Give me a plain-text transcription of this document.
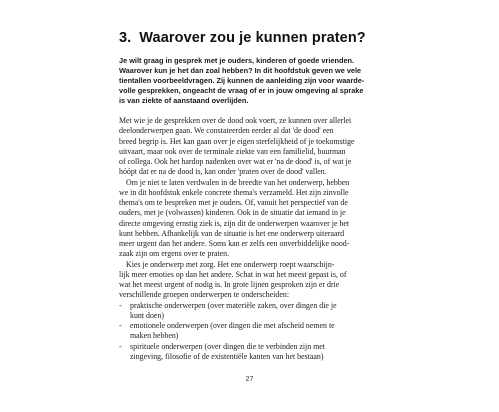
3. Waarover zou je kunnen praten?
Je wilt graag in gesprek met je ouders, kinderen of goede vrienden.
Waarover kun je het dan zoal hebben? In dit hoofdstuk geven we vele
tientallen voorbeeldvragen. Zij kunnen de aanleiding zijn voor waarde-
volle gesprekken, ongeacht de vraag of er in jouw omgeving al sprake
is van ziekte of aanstaand overlijden.
Met wie je de gesprekken over de dood ook voert, ze kunnen over allerlei
deelonderwerpen gaan. We constateerden eerder al dat 'de dood' een
breed begrip is. Het kan gaan over je eigen sterfelijkheid of je toekomstige
uitvaart, maar ook over de terminale ziekte van een familielid, buurman
of collega. Ook het hardop nadenken over wat er 'na de dood' is, of wat je
hóópt dat er na de dood is, kan onder 'praten over de dood' vallen.
Om je niet te laten verdwalen in de breedte van het onderwerp, hebben
we in dit hoofdstuk enkele concrete thema's verzameld. Het zijn zinvolle
thema's om te bespreken met je ouders. Of, vanuit het perspectief van de
ouders, met je (volwassen) kinderen. Ook in de situatie dat iemand in je
directe omgeving ernstig ziek is, zijn dit de onderwerpen waarover je het
kunt hebben. Afhankelijk van de situatie is het ene onderwerp uiteraard
meer urgent dan het andere. Soms kan er zelfs een onverbiddelijke nood-
zaak zijn om ergens over te praten.
Kies je onderwerp met zorg. Het ene onderwerp roept waarschijn-
lijk meer emoties op dan het andere. Schat in wat het meest gepast is, of
wat het meest urgent of nodig is. In grote lijnen gesproken zijn er drie
verschillende groepen onderwerpen te onderscheiden:
-	praktische onderwerpen (over materiële zaken, over dingen die je
kunt doen)
-	emotionele onderwerpen (over dingen die met afscheid nemen te
maken hebben)
-	spirituele onderwerpen (over dingen die te verbinden zijn met
zingeving, filosofie of de existentiële kanten van het bestaan)
27
